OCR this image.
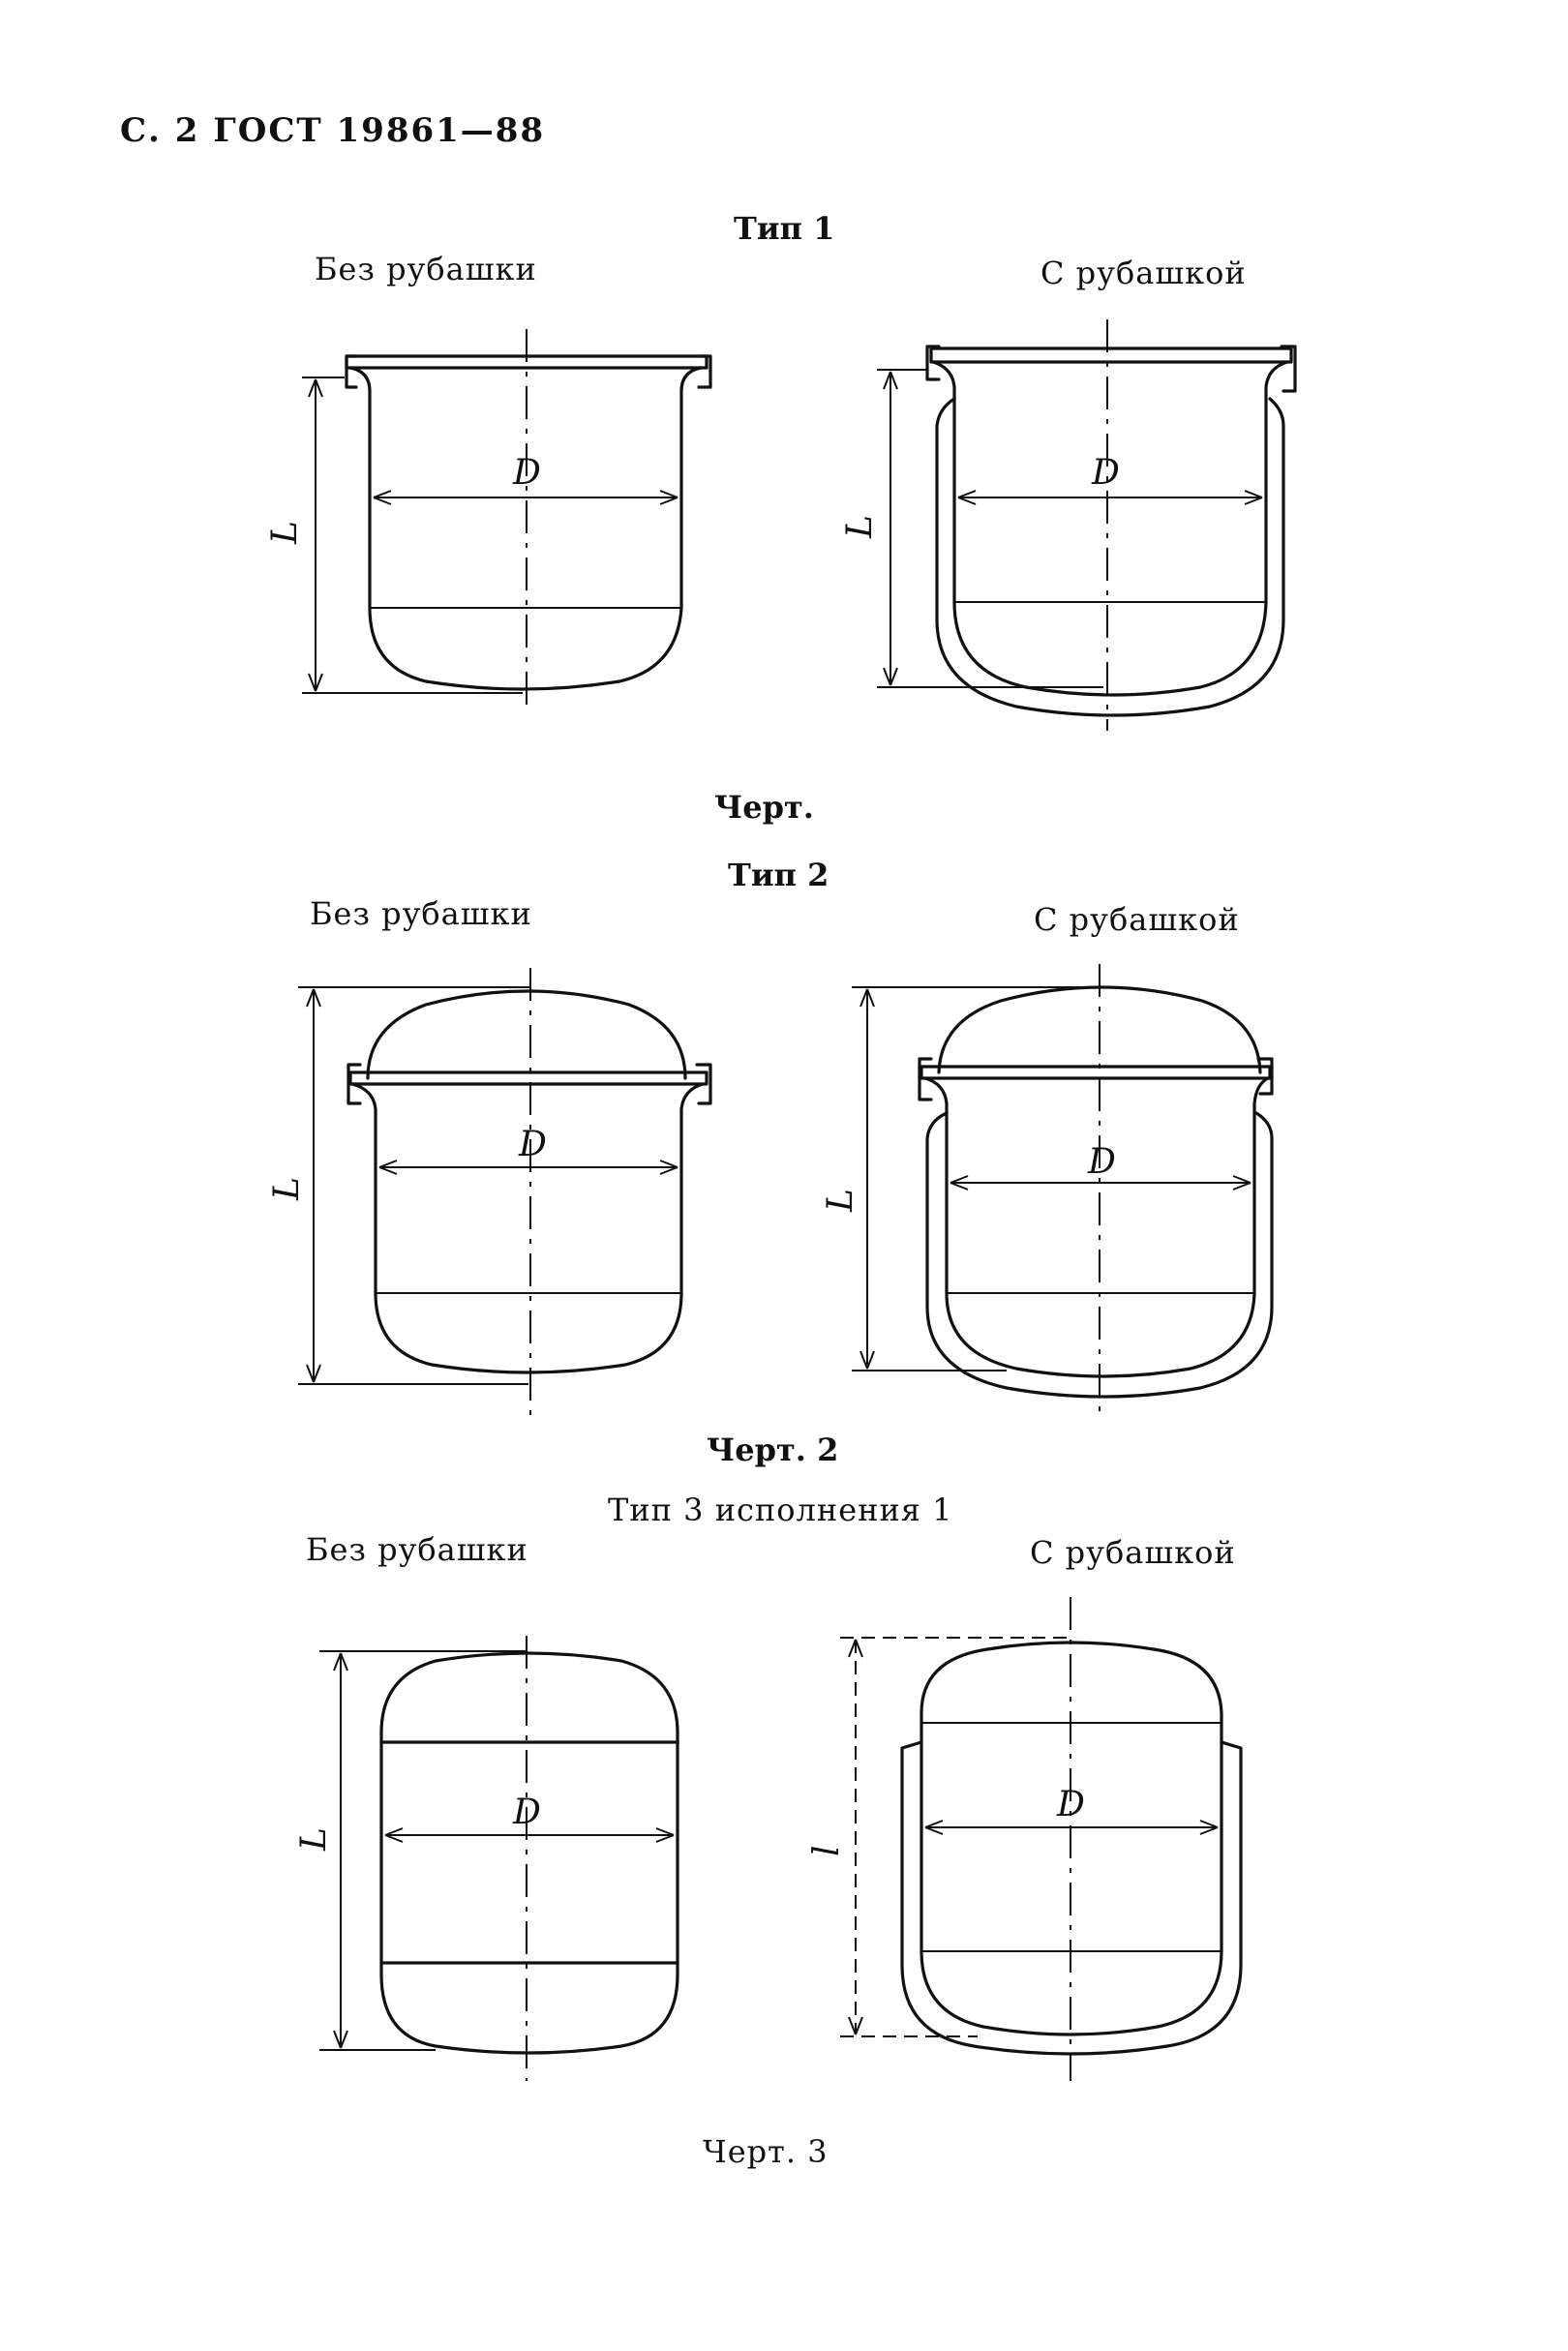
С. 2 ГОСТ 19861—88
Тип 1
Без рубашки	С рубашкой
Черт.
Тип 2
Без рубашки	С рубашкой
Черт. 2
Тип 3 исполнения 1
Без рубашки	С рубашкой
Черт. 3
D
L
D
L
D
L
D
L
D
L
D
l
